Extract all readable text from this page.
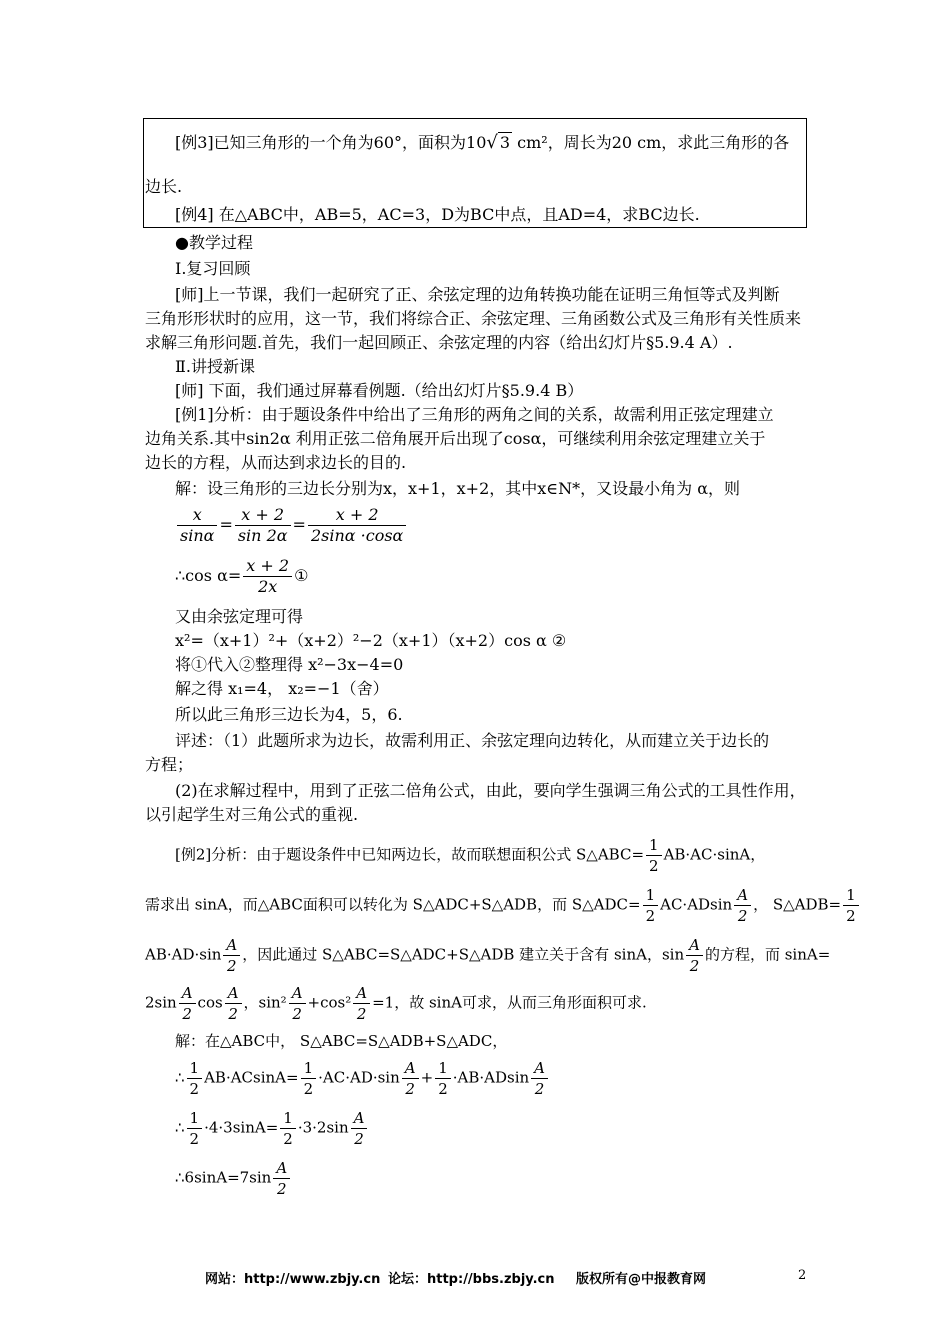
[例3]已知三角形的一个角为60°，面积为10√ 3 cm²，周长为20 cm，求此三角形的各
边长.
[例4] 在△ABC中，AB=5，AC=3，D为BC中点，且AD=4，求BC边长.
●教学过程
Ⅰ.复习回顾
[师]上一节课，我们一起研究了正、余弦定理的边角转换功能在证明三角恒等式及判断
三角形形状时的应用，这一节，我们将综合正、余弦定理、三角函数公式及三角形有关性质来
求解三角形问题.首先，我们一起回顾正、余弦定理的内容（给出幻灯片§5.9.4 A）.
Ⅱ.讲授新课
[师] 下面，我们通过屏幕看例题.（给出幻灯片§5.9.4 B）
[例1]分析：由于题设条件中给出了三角形的两角之间的关系，故需利用正弦定理建立
边角关系.其中sin2α 利用正弦二倍角展开后出现了cosα，可继续利用余弦定理建立关于
边长的方程，从而达到求边长的目的.
解：设三角形的三边长分别为x，x+1，x+2，其中x∈N*，又设最小角为 α，则
$\frac{x}{\sin\alpha} = \frac{x + 2}{\sin 2\alpha} = \frac{x + 2}{2\sin\alpha \cdot\cos\alpha}$
∴cos $\alpha= \frac{x + 2}{2x}$ ①
又由余弦定理可得
x²=（x+1）²+（x+2）²−2（x+1）（x+2）cos α ②
将①代入②整理得 x²−3x−4=0
解之得 x₁=4， x₂=−1（舍）
所以此三角形三边长为4，5，6.
评述：（1）此题所求为边长，故需利用正、余弦定理向边转化，从而建立关于边长的
方程；
(2)在求解过程中，用到了正弦二倍角公式，由此，要向学生强调三角公式的工具性作用，
以引起学生对三角公式的重视.
[例2]分析：由于题设条件中已知两边长，故而联想面积公式 S△ABC= $\frac{1}{2} AB\cdot AC\cdot\sin A$，
需求出 sinA，而△ABC面积可以转化为 S△ADC+S△ADB，而 S△ADC= $\frac{1}{2} AC\cdot ADsin \frac{A}{2}$ ， S△ADB= $\frac{1}{2}$
$AB\cdot AD\cdot\sin \frac{A}{2}$ ，因此通过 S△ABC=S△ADC+S△ADB 建立关于含有 sinA，$\sin \frac{A}{2}$ 的方程，而 sinA=
$2\sin \frac{A}{2}$ $\cos \frac{A}{2}$ ，$\sin^2 \frac{A}{2} +\cos^2 \frac{A}{2} =1$，故 sinA可求，从而三角形面积可求.
解：在△ABC中， S△ABC=S△ADB+S△ADC，
∴ $\frac{1}{2} AB\cdot ACsinA= \frac{1}{2} \cdot AC\cdot AD\cdot\sin \frac{A}{2} + \frac{1}{2} \cdot AB\cdot ADsin \frac{A}{2}$
∴ $\frac{1}{2} \cdot 4\cdot 3\sin A= \frac{1}{2} \cdot 3\cdot 2\sin \frac{A}{2}$
∴6sinA=7sin $\frac{A}{2}$
网站：http://www.zbjy.cn 论坛：http://bbs.zbjy.cn 版权所有@中报教育网	2
